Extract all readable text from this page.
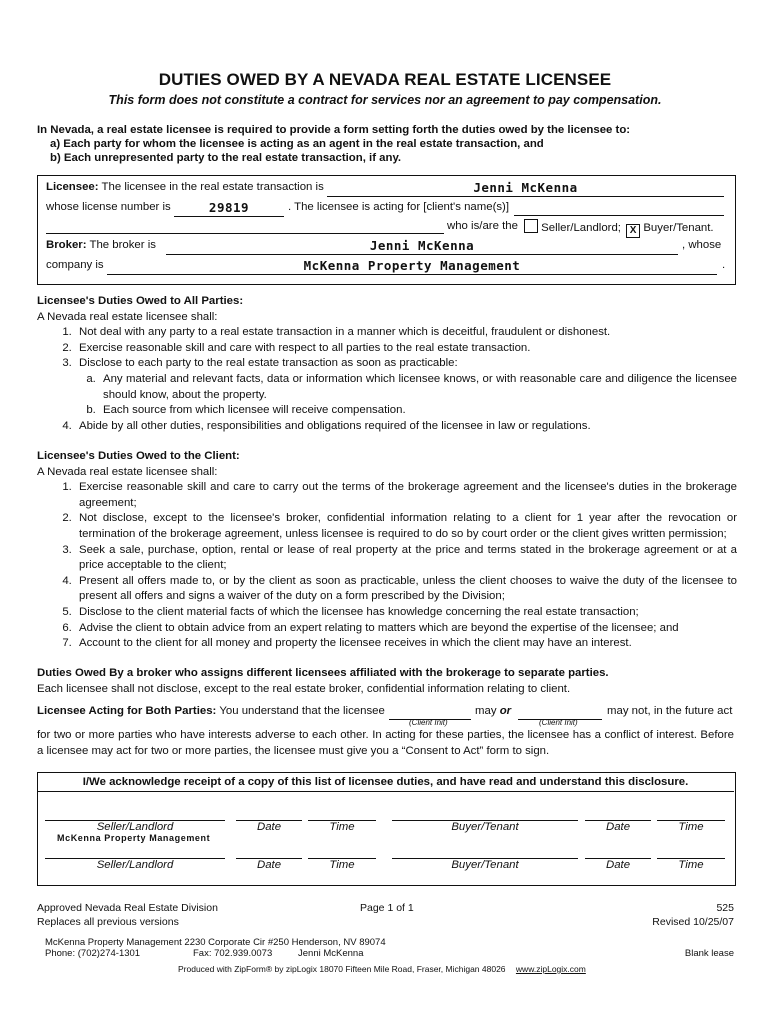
DUTIES OWED BY A NEVADA REAL ESTATE LICENSEE
This form does not constitute a contract for services nor an agreement to pay compensation.
In Nevada, a real estate licensee is required to provide a form setting forth the duties owed by the licensee to:
a) Each party for whom the licensee is acting as an agent in the real estate transaction, and
b) Each unrepresented party to the real estate transaction, if any.
Licensee: The licensee in the real estate transaction is	Jenni McKenna
whose license number is	29819	. The licensee is acting for [client's name(s)]
who is/are the	Seller/Landlord; X Buyer/Tenant.
Broker: The broker is	Jenni McKenna	, whose
company is	McKenna Property Management	.
Licensee's Duties Owed to All Parties:
A Nevada real estate licensee shall:
1. Not deal with any party to a real estate transaction in a manner which is deceitful, fraudulent or dishonest.
2. Exercise reasonable skill and care with respect to all parties to the real estate transaction.
3. Disclose to each party to the real estate transaction as soon as practicable:
a. Any material and relevant facts, data or information which licensee knows, or with reasonable care and diligence the licensee should know, about the property.
b. Each source from which licensee will receive compensation.
4. Abide by all other duties, responsibilities and obligations required of the licensee in law or regulations.
Licensee's Duties Owed to the Client:
A Nevada real estate licensee shall:
1. Exercise reasonable skill and care to carry out the terms of the brokerage agreement and the licensee's duties in the brokerage agreement;
2. Not disclose, except to the licensee's broker, confidential information relating to a client for 1 year after the revocation or termination of the brokerage agreement, unless licensee is required to do so by court order or the client gives written permission;
3. Seek a sale, purchase, option, rental or lease of real property at the price and terms stated in the brokerage agreement or at a price acceptable to the client;
4. Present all offers made to, or by the client as soon as practicable, unless the client chooses to waive the duty of the licensee to present all offers and signs a waiver of the duty on a form prescribed by the Division;
5. Disclose to the client material facts of which the licensee has knowledge concerning the real estate transaction;
6. Advise the client to obtain advice from an expert relating to matters which are beyond the expertise of the licensee; and
7. Account to the client for all money and property the licensee receives in which the client may have an interest.
Duties Owed By a broker who assigns different licensees affiliated with the brokerage to separate parties.
Each licensee shall not disclose, except to the real estate broker, confidential information relating to client.
Licensee Acting for Both Parties: You understand that the licensee	may or	may not, in the future act
(Client Init)	(Client Init)
for two or more parties who have interests adverse to each other. In acting for these parties, the licensee has a conflict of interest. Before a licensee may act for two or more parties, the licensee must give you a “Consent to Act” form to sign.
I/We acknowledge receipt of a copy of this list of licensee duties, and have read and understand this disclosure.
Seller/Landlord	Date	Time	Buyer/Tenant	Date	Time
McKenna Property Management
Seller/Landlord	Date	Time	Buyer/Tenant	Date	Time
Approved Nevada Real Estate Division
Replaces all previous versions
Page 1 of 1	525
Revised 10/25/07
McKenna Property Management 2230 Corporate Cir #250 Henderson, NV 89074
Phone: (702)274-1301	Fax: 702.939.0073	Jenni McKenna	Blank lease
Produced with ZipForm® by zipLogix 18070 Fifteen Mile Road, Fraser, Michigan 48026 www.zipLogix.com
